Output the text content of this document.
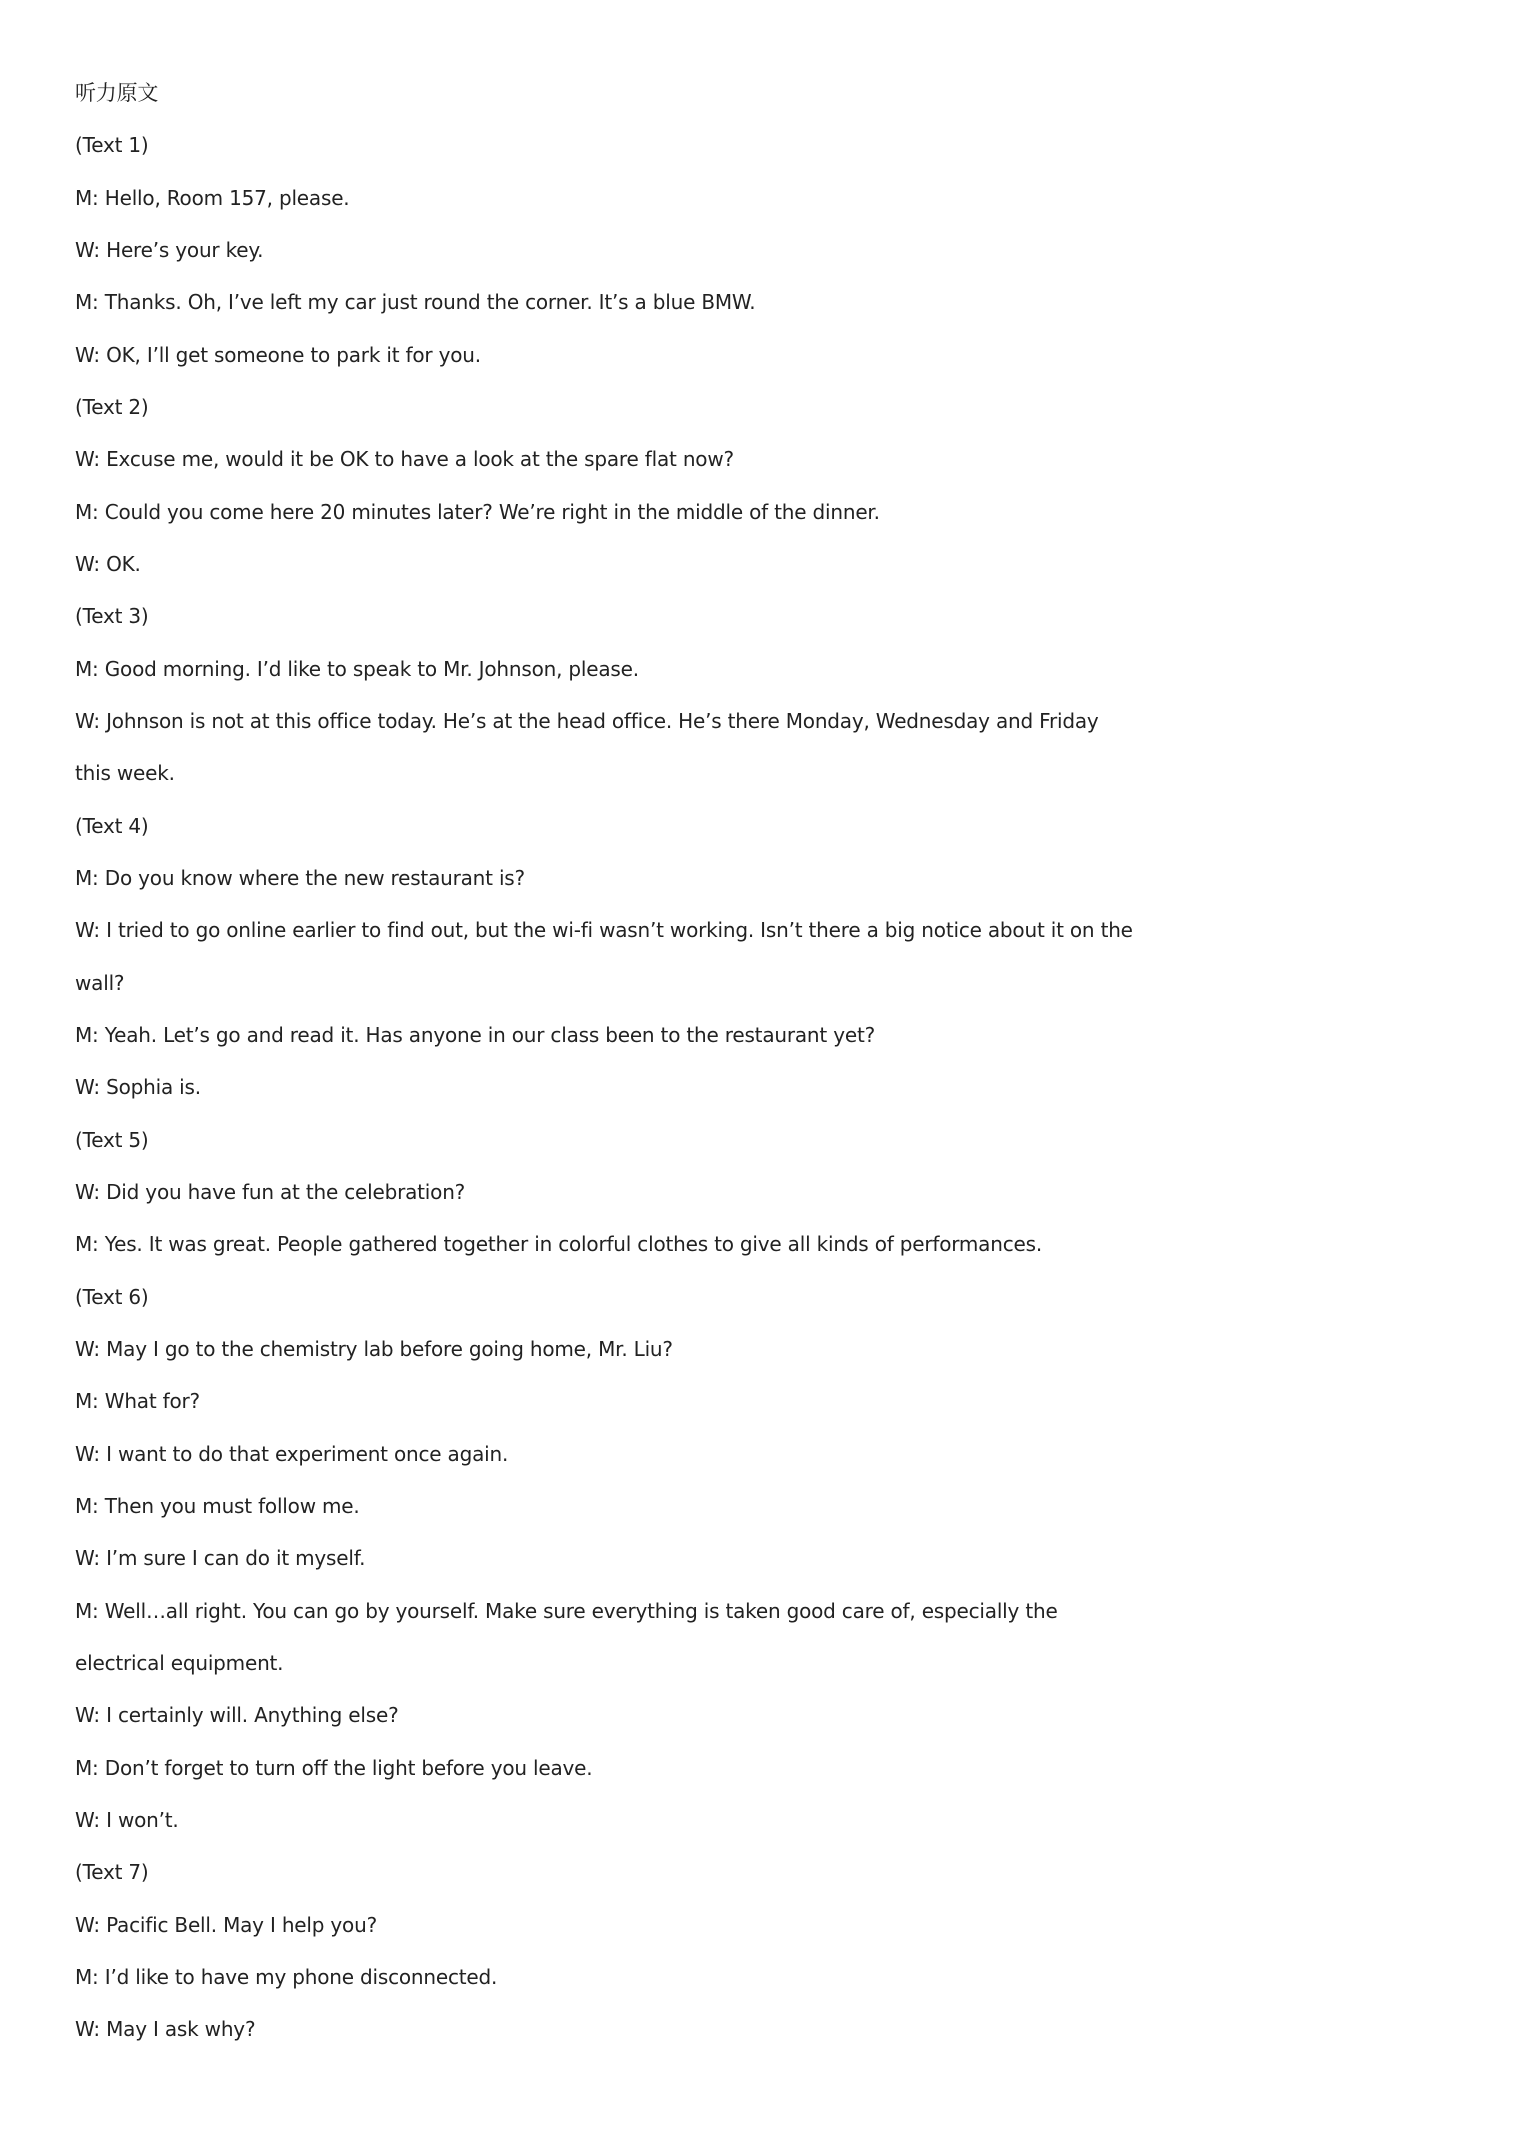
听力原文
(Text 1)
M: Hello, Room 157, please.
W: Here’s your key.
M: Thanks. Oh, I’ve left my car just round the corner. It’s a blue BMW.
W: OK, I’ll get someone to park it for you.
(Text 2)
W: Excuse me, would it be OK to have a look at the spare flat now?
M: Could you come here 20 minutes later? We’re right in the middle of the dinner.
W: OK.
(Text 3)
M: Good morning. I’d like to speak to Mr. Johnson, please.
W: Johnson is not at this office today. He’s at the head office. He’s there Monday, Wednesday and Friday
this week.
(Text 4)
M: Do you know where the new restaurant is?
W: I tried to go online earlier to find out, but the wi-fi wasn’t working. Isn’t there a big notice about it on the
wall?
M: Yeah. Let’s go and read it. Has anyone in our class been to the restaurant yet?
W: Sophia is.
(Text 5)
W: Did you have fun at the celebration?
M: Yes. It was great. People gathered together in colorful clothes to give all kinds of performances.
(Text 6)
W: May I go to the chemistry lab before going home, Mr. Liu?
M: What for?
W: I want to do that experiment once again.
M: Then you must follow me.
W: I’m sure I can do it myself.
M: Well…all right. You can go by yourself. Make sure everything is taken good care of, especially the
electrical equipment.
W: I certainly will. Anything else?
M: Don’t forget to turn off the light before you leave.
W: I won’t.
(Text 7)
W: Pacific Bell. May I help you?
M: I’d like to have my phone disconnected.
W: May I ask why?
